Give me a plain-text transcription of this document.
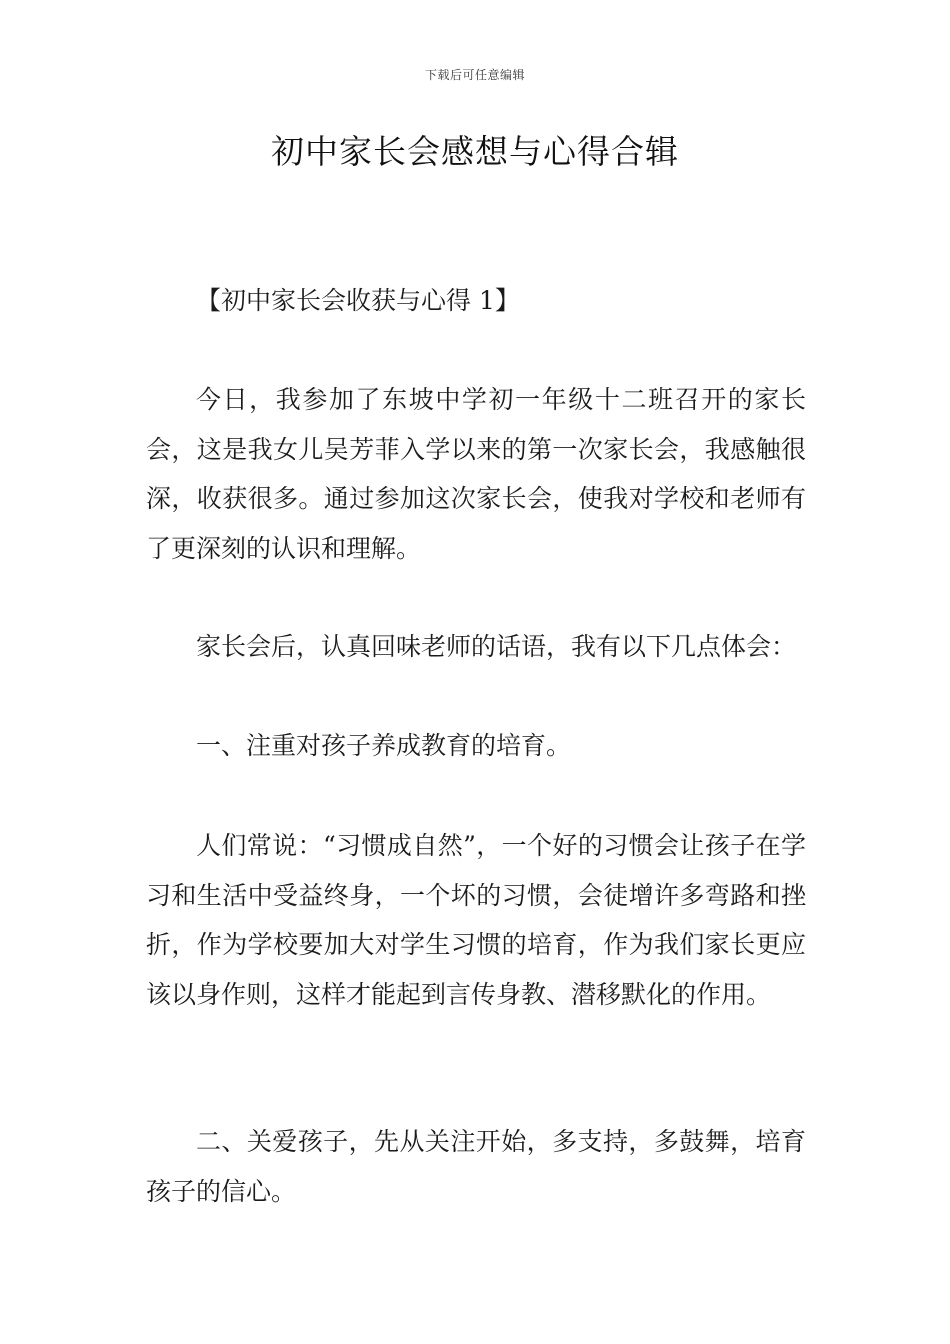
下载后可任意编辑
初中家长会感想与心得合辑

【初中家长会收获与心得 1】

今日，我参加了东坡中学初一年级十二班召开的家长会，这是我女儿吴芳菲入学以来的第一次家长会，我感触很深，收获很多。通过参加这次家长会，使我对学校和老师有了更深刻的认识和理解。

家长会后，认真回味老师的话语，我有以下几点体会：

一、注重对孩子养成教育的培育。

人们常说：“习惯成自然”，一个好的习惯会让孩子在学习和生活中受益终身，一个坏的习惯，会徒增许多弯路和挫折，作为学校要加大对学生习惯的培育，作为我们家长更应该以身作则，这样才能起到言传身教、潜移默化的作用。

二、关爱孩子，先从关注开始，多支持，多鼓舞，培育孩子的信心。
